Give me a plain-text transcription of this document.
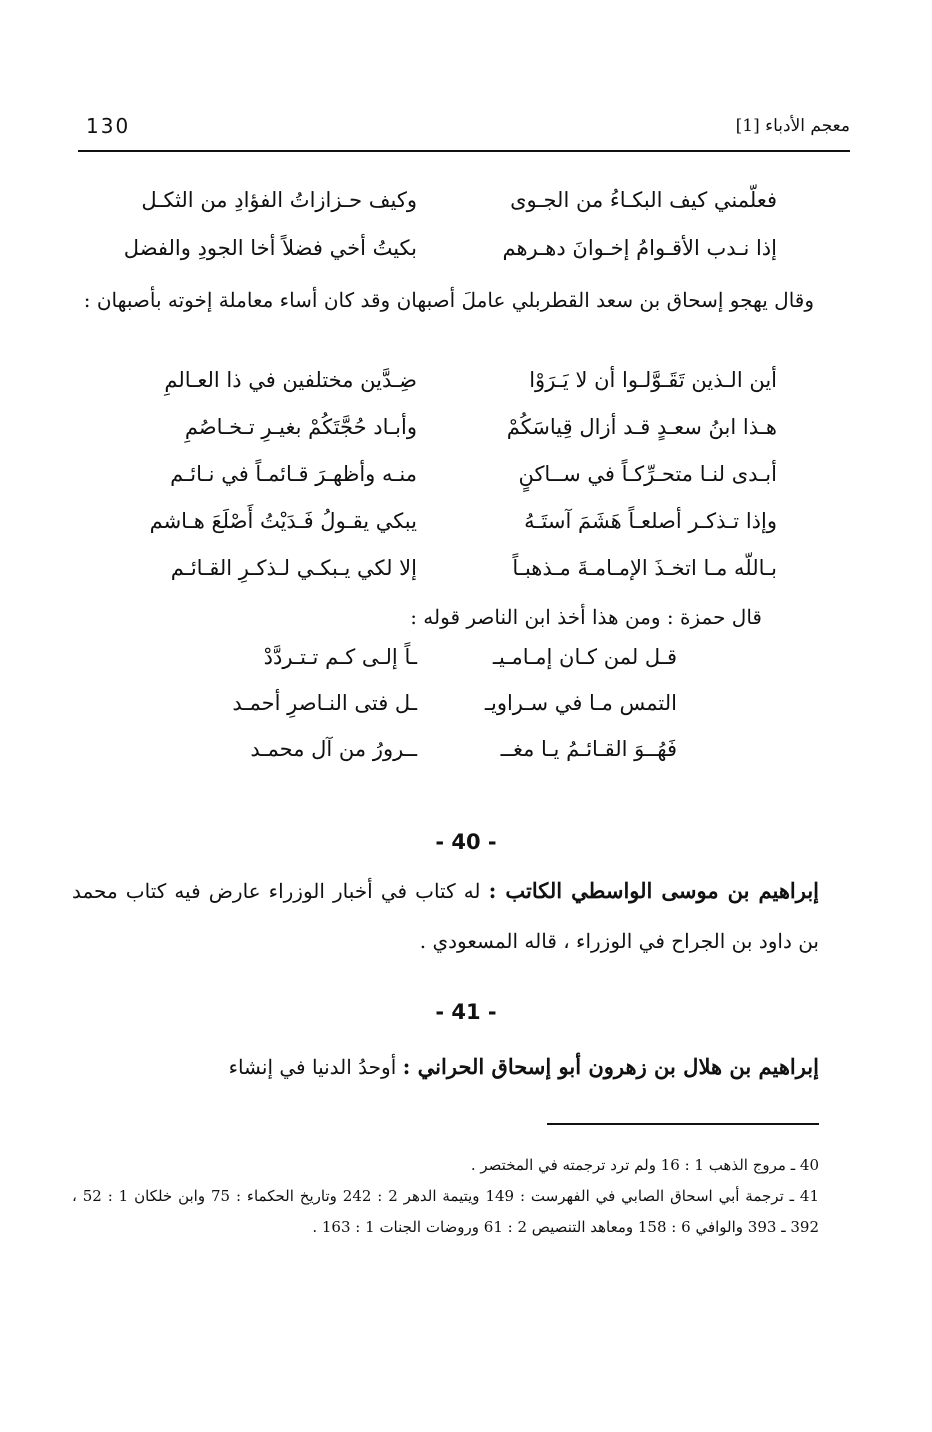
130	معجم الأدباء [1]
فعلّمني كيف البكـاءُ من الجـوى
وكيف حـزازاتُ الفؤادِ من الثكـل
إذا نـدب الأقـوامُ إخـوانَ دهـرهم
بكيتُ أخي فضلاً أخا الجودِ والفضل
وقال يهجو إسحاق بن سعد القطربلي عاملَ أصبهان وقد كان أساء معاملة إخوته بأصبهان :
أين الـذين تَقَـوَّلـوا أن لا يَـرَوْا
ضِـدَّين مختلفين في ذا العـالمِ
هـذا ابنُ سعـدٍ قـد أزال قِياسَكُمْ
وأبـاد حُجَّتَكُمْ بغيـرِ تـخـاصُمِ
أبـدى لنـا متحـرِّكـاً في ســاكنٍ
منـه وأظهـرَ قـائمـاً في نـائـم
وإذا تـذكـر أصلعـاً هَشَمَ آستَـهُ
يبكي يقـولُ فَـدَيْتُ أَصْلَعَ هـاشم
بـاللّه مـا اتخـذَ الإمـامـةَ مـذهبـاً
إلا لكي يـبكـي لـذكـرِ القـائـم
قال حمزة : ومن هذا أخذ ابن الناصر قوله :
قـل لمن كـان إمـامـيـ
ـاً إلـى كـم تـتـردَّدْ
التمس مـا في سـراويـ
ـل فتى النـاصرِ أحمـد
فَهُــوَ القـائـمُ يـا مغــ
ــرورُ من آل محمـد
- 40 -
إبراهيم بن موسى الواسطي الكاتب : له كتاب في أخبار الوزراء عارض فيه كتاب محمد بن داود بن الجراح في الوزراء ، قاله المسعودي .
- 41 -
إبراهيم بن هلال بن زهرون أبو إسحاق الحراني : أوحدُ الدنيا في إنشاء

40 ـ مروج الذهب 1 : 16 ولم ترد ترجمته في المختصر .

41 ـ ترجمة أبي اسحاق الصابي في الفهرست : 149 ويتيمة الدهر 2 : 242 وتاريخ الحكماء : 75 وابن خلكان 1 : 52 ، 392 ـ 393 والوافي 6 : 158 ومعاهد التنصيص 2 : 61 وروضات الجنات 1 : 163 .
